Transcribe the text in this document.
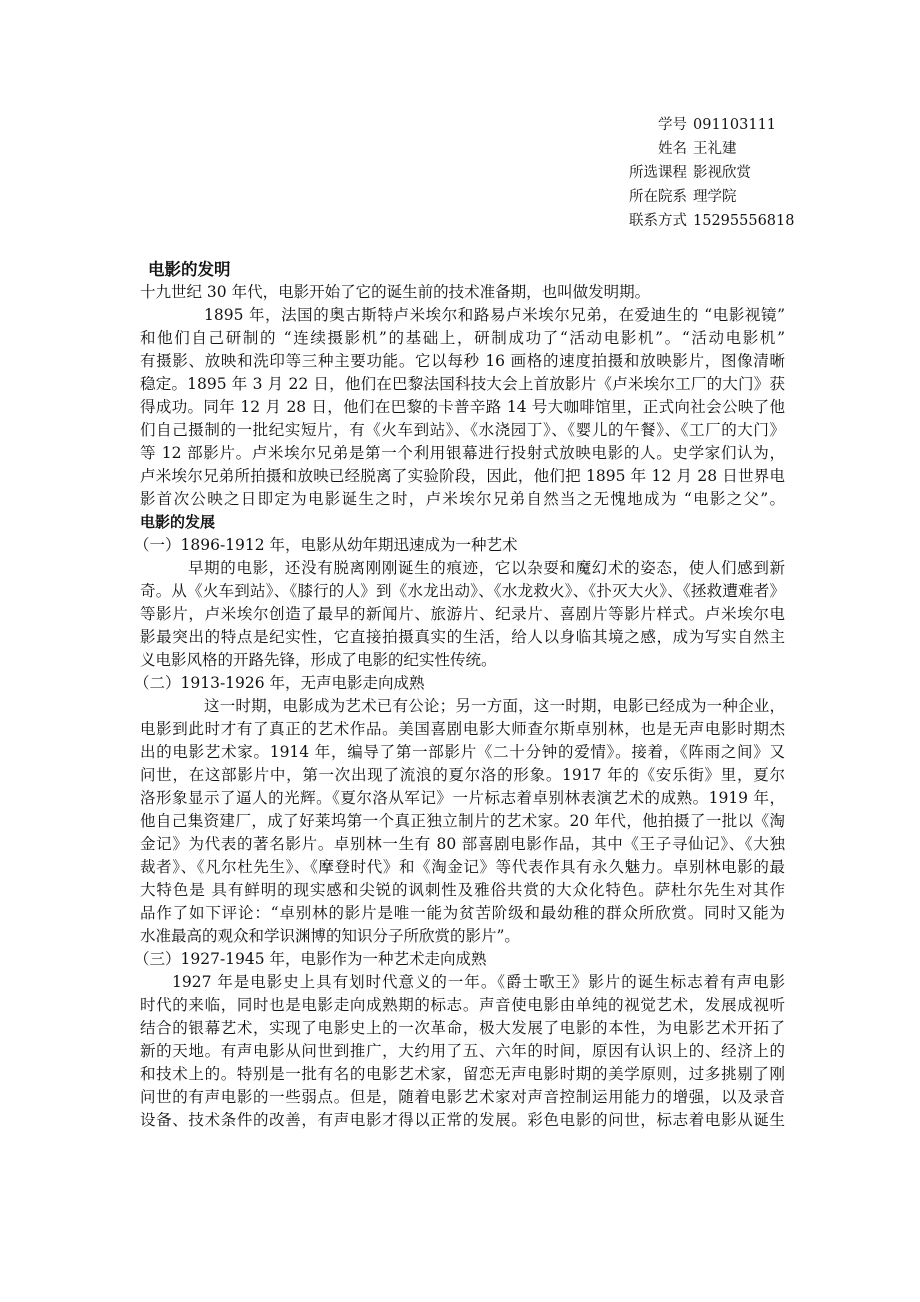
学号 091103111
姓名 王礼建
所选课程 影视欣赏
所在院系 理学院
联系方式 15295556818
电影的发明
十九世纪 30 年代，电影开始了它的诞生前的技术准备期，也叫做发明期。
1895 年，法国的奥古斯特卢米埃尔和路易卢米埃尔兄弟，在爱迪生的 “电影视镜”
和他们自己研制的 “连续摄影机”的基础上，研制成功了“活动电影机”。“活动电影机”
有摄影、放映和洗印等三种主要功能。它以每秒 16 画格的速度拍摄和放映影片，图像清晰
稳定。1895 年 3 月 22 日，他们在巴黎法国科技大会上首放影片《卢米埃尔工厂的大门》获
得成功。同年 12 月 28 日，他们在巴黎的卡普辛路 14 号大咖啡馆里，正式向社会公映了他
们自己摄制的一批纪实短片，有《火车到站》、《水浇园丁》、《婴儿的午餐》、《工厂的大门》
等 12 部影片。卢米埃尔兄弟是第一个利用银幕进行投射式放映电影的人。史学家们认为，
卢米埃尔兄弟所拍摄和放映已经脱离了实验阶段，因此，他们把 1895 年 12 月 28 日世界电
影首次公映之日即定为电影诞生之时，卢米埃尔兄弟自然当之无愧地成为 “电影之父”。
电影的发展
（一）1896-1912 年，电影从幼年期迅速成为一种艺术
早期的电影，还没有脱离刚刚诞生的痕迹，它以杂耍和魔幻术的姿态，使人们感到新
奇。从《火车到站》、《膝行的人》到《水龙出动》、《水龙救火》、《扑灭大火》、《拯救遭难者》
等影片，卢米埃尔创造了最早的新闻片、旅游片、纪录片、喜剧片等影片样式。卢米埃尔电
影最突出的特点是纪实性，它直接拍摄真实的生活，给人以身临其境之感，成为写实自然主
义电影风格的开路先锋，形成了电影的纪实性传统。
（二）1913-1926 年，无声电影走向成熟
这一时期，电影成为艺术已有公论；另一方面，这一时期，电影已经成为一种企业，
电影到此时才有了真正的艺术作品。美国喜剧电影大师查尔斯卓别林，也是无声电影时期杰
出的电影艺术家。1914 年，编导了第一部影片《二十分钟的爱情》。接着，《阵雨之间》又
问世，在这部影片中，第一次出现了流浪的夏尔洛的形象。1917 年的《安乐街》里，夏尔
洛形象显示了逼人的光辉。《夏尔洛从军记》一片标志着卓别林表演艺术的成熟。1919 年，
他自己集资建厂，成了好莱坞第一个真正独立制片的艺术家。20 年代，他拍摄了一批以《淘
金记》为代表的著名影片。卓别林一生有 80 部喜剧电影作品，其中《王子寻仙记》、《大独
裁者》、《凡尔杜先生》、《摩登时代》和《淘金记》等代表作具有永久魅力。卓别林电影的最
大特色是 具有鲜明的现实感和尖锐的讽刺性及雅俗共赏的大众化特色。萨杜尔先生对其作
品作了如下评论：“卓别林的影片是唯一能为贫苦阶级和最幼稚的群众所欣赏。同时又能为
水准最高的观众和学识渊博的知识分子所欣赏的影片”。
（三）1927-1945 年，电影作为一种艺术走向成熟
1927 年是电影史上具有划时代意义的一年。《爵士歌王》影片的诞生标志着有声电影
时代的来临，同时也是电影走向成熟期的标志。声音使电影由单纯的视觉艺术，发展成视听
结合的银幕艺术，实现了电影史上的一次革命，极大发展了电影的本性，为电影艺术开拓了
新的天地。有声电影从问世到推广，大约用了五、六年的时间，原因有认识上的、经济上的
和技术上的。特别是一批有名的电影艺术家，留恋无声电影时期的美学原则，过多挑剔了刚
问世的有声电影的一些弱点。但是，随着电影艺术家对声音控制运用能力的增强，以及录音
设备、技术条件的改善，有声电影才得以正常的发展。彩色电影的问世，标志着电影从诞生
